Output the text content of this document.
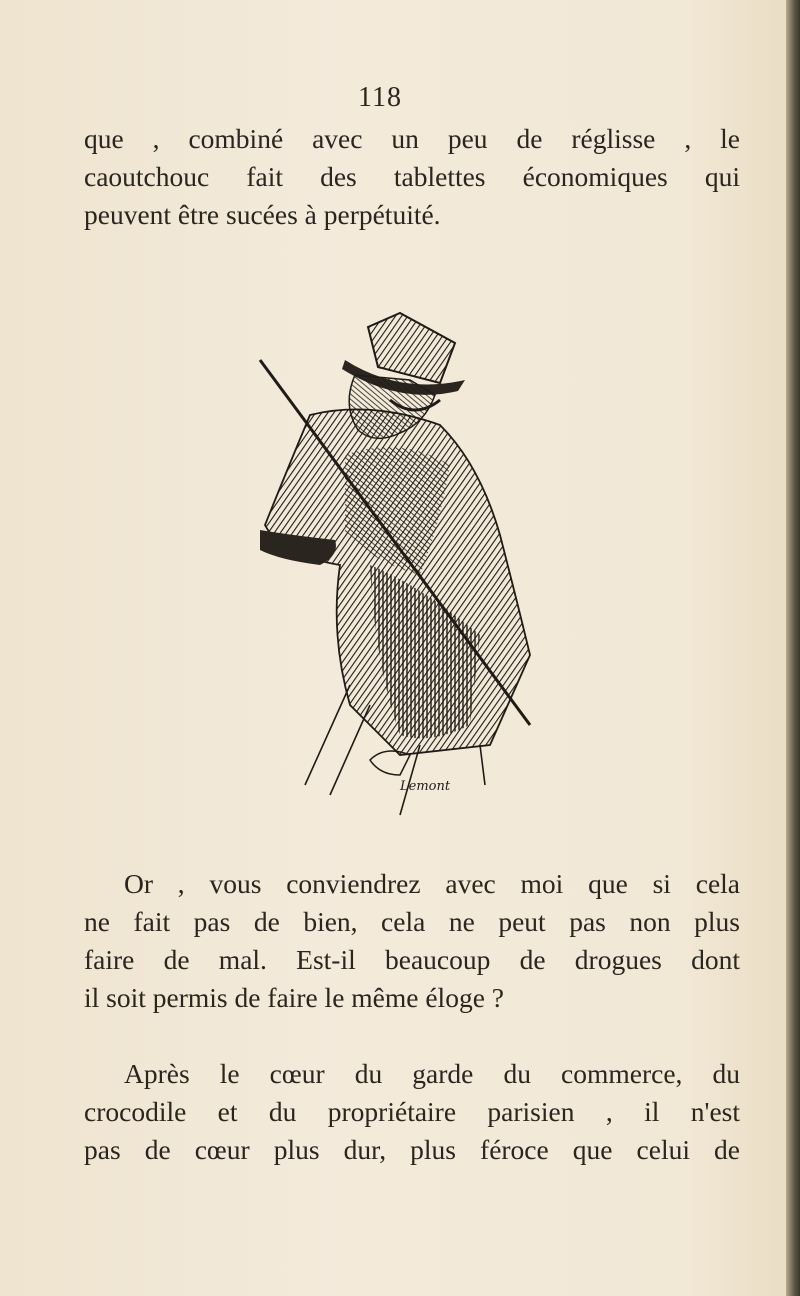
118
que , combiné avec un peu de réglisse , le
caoutchouc fait des tablettes économiques qui
peuvent être sucées à perpétuité.
Lemont
Or , vous conviendrez avec moi que si cela
ne fait pas de bien, cela ne peut pas non plus
faire de mal. Est-il beaucoup de drogues dont
il soit permis de faire le même éloge ?
Après le cœur du garde du commerce, du
crocodile et du propriétaire parisien , il n'est
pas de cœur plus dur, plus féroce que celui de
